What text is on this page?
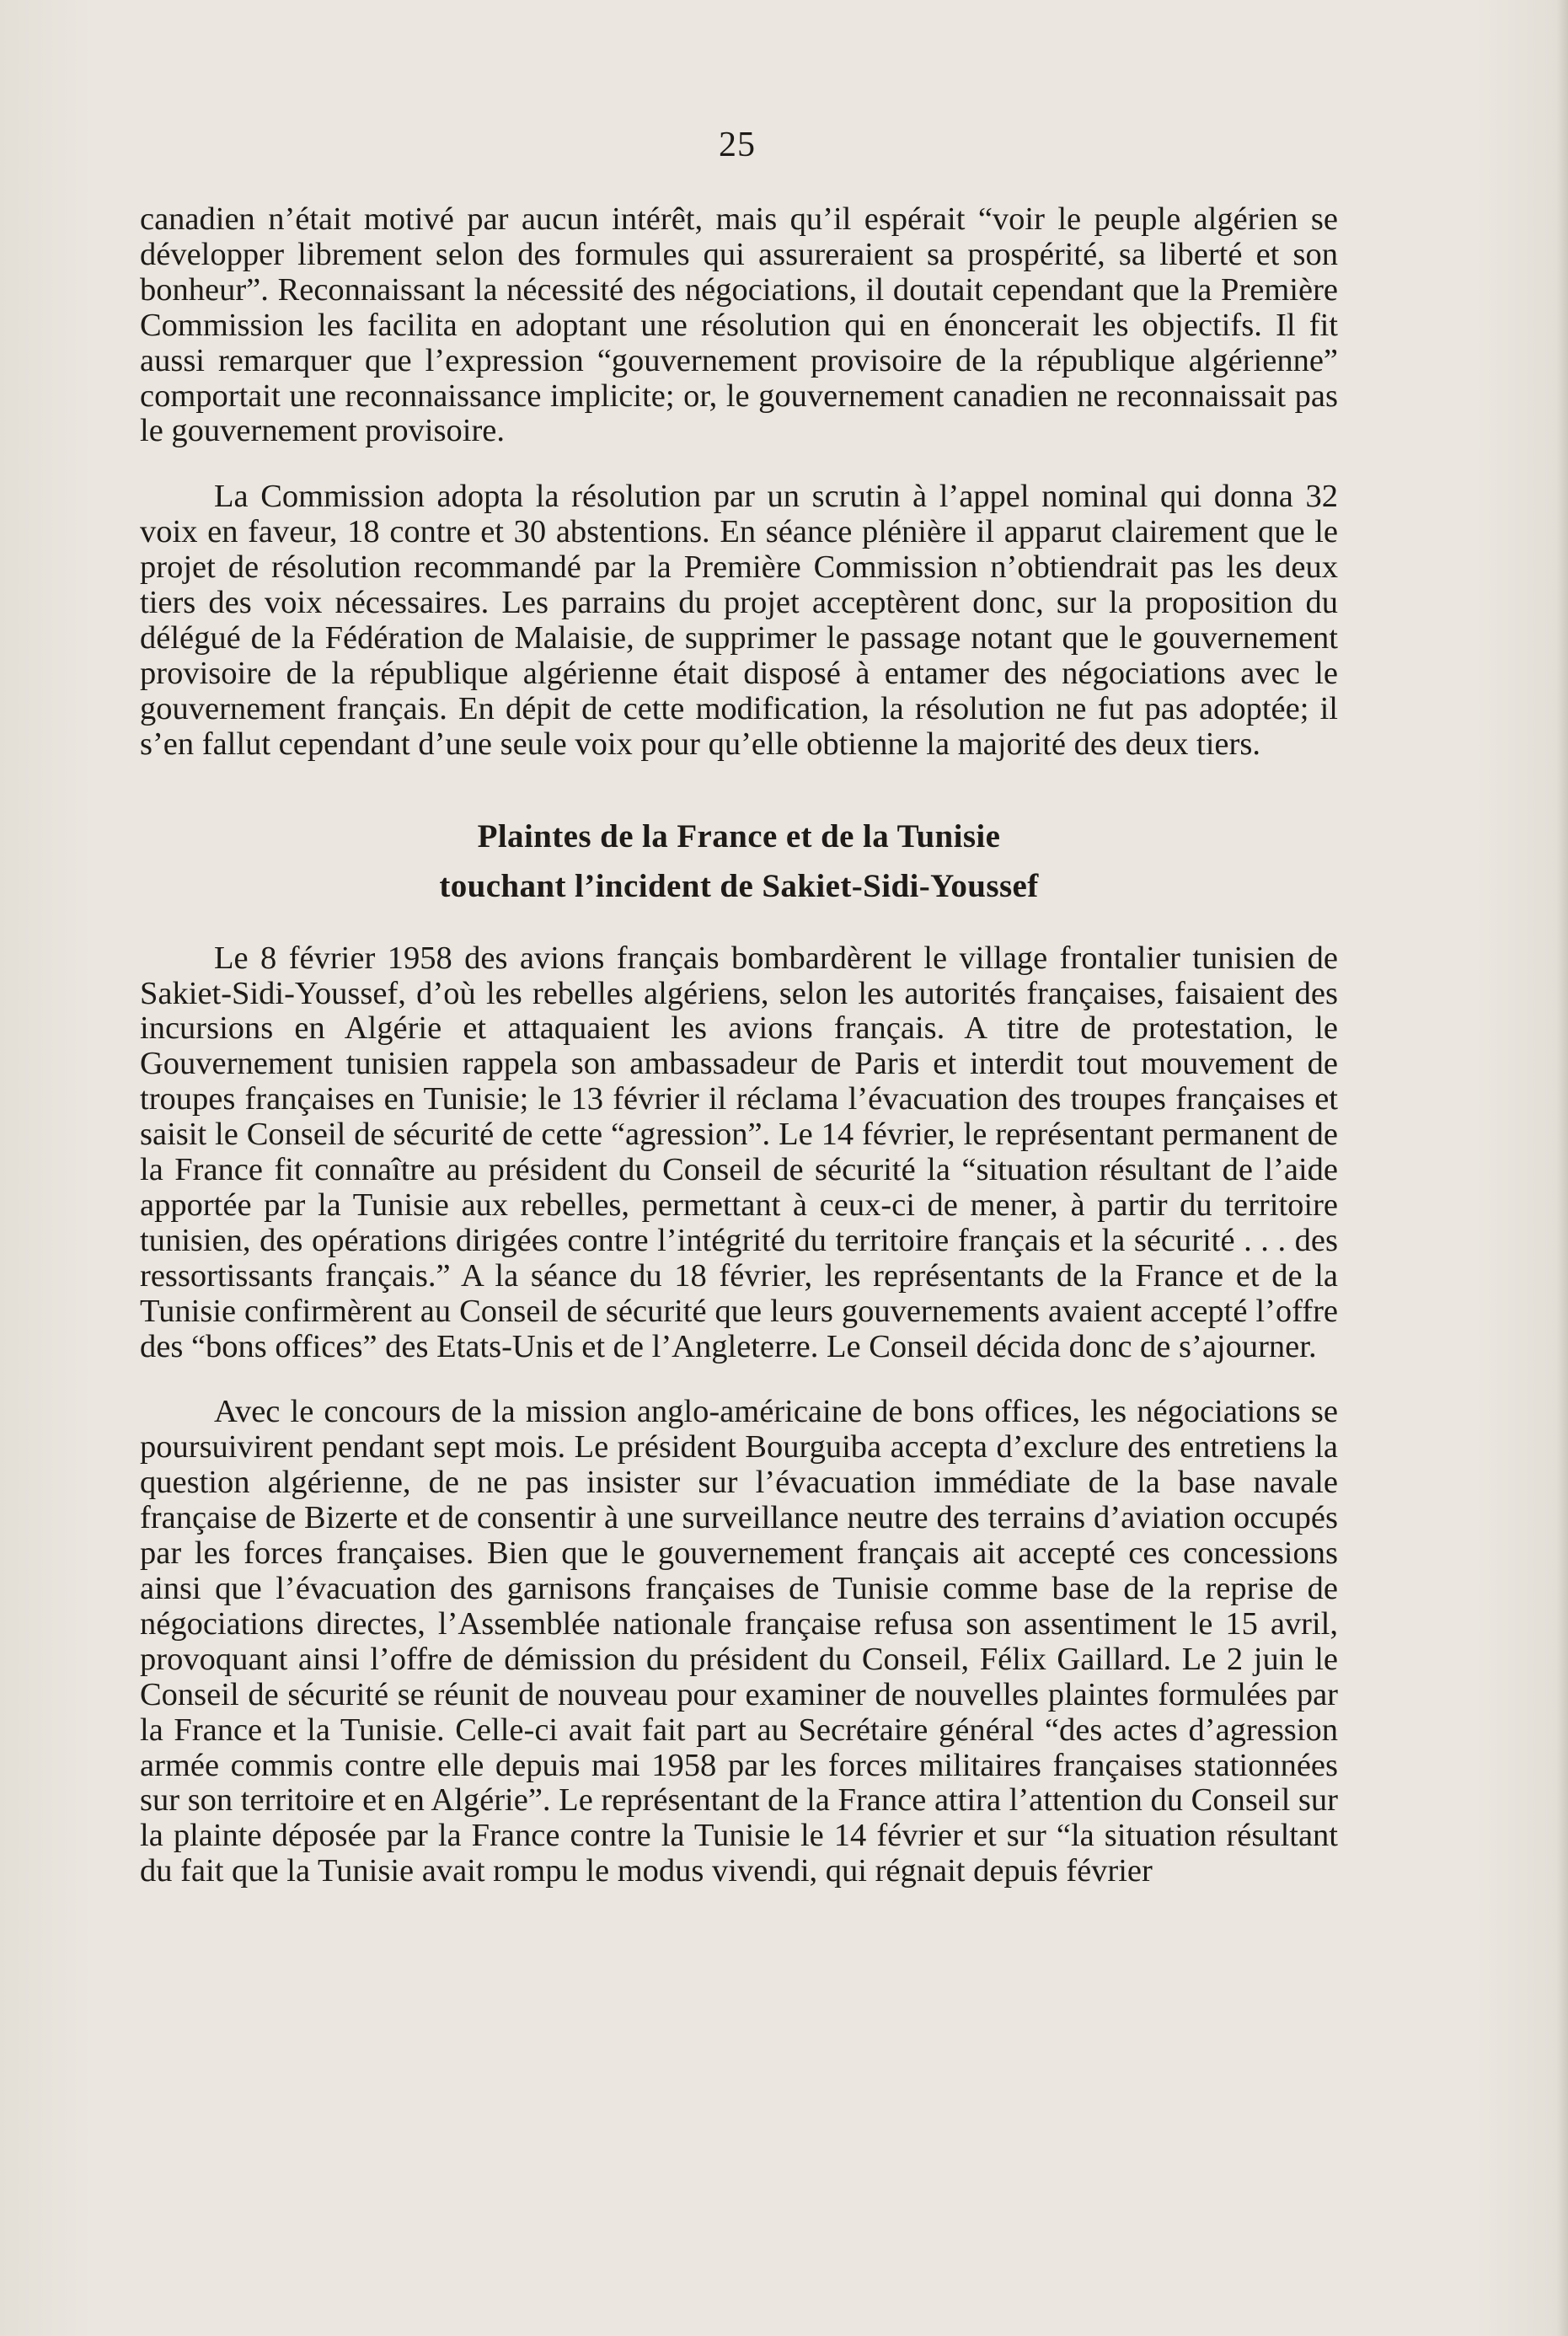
25

canadien n’était motivé par aucun intérêt, mais qu’il espérait “voir le peuple algérien se développer librement selon des formules qui assureraient sa prospérité, sa liberté et son bonheur”. Reconnaissant la nécessité des négociations, il doutait cependant que la Première Commission les facilita en adoptant une résolution qui en énoncerait les objectifs. Il fit aussi remarquer que l’expression “gouvernement provisoire de la république algérienne” comportait une reconnaissance implicite; or, le gouvernement canadien ne reconnaissait pas le gouvernement provisoire.

La Commission adopta la résolution par un scrutin à l’appel nominal qui donna 32 voix en faveur, 18 contre et 30 abstentions. En séance plénière il apparut clairement que le projet de résolution recommandé par la Première Commission n’obtiendrait pas les deux tiers des voix nécessaires. Les parrains du projet acceptèrent donc, sur la proposition du délégué de la Fédération de Malaisie, de supprimer le passage notant que le gouvernement provisoire de la république algérienne était disposé à entamer des négociations avec le gouvernement français. En dépit de cette modification, la résolution ne fut pas adoptée; il s’en fallut cependant d’une seule voix pour qu’elle obtienne la majorité des deux tiers.

Plaintes de la France et de la Tunisie
touchant l’incident de Sakiet-Sidi-Youssef

Le 8 février 1958 des avions français bombardèrent le village frontalier tunisien de Sakiet-Sidi-Youssef, d’où les rebelles algériens, selon les autorités françaises, faisaient des incursions en Algérie et attaquaient les avions français. A titre de protestation, le Gouvernement tunisien rappela son ambassadeur de Paris et interdit tout mouvement de troupes françaises en Tunisie; le 13 février il réclama l’évacuation des troupes françaises et saisit le Conseil de sécurité de cette “agression”. Le 14 février, le représentant permanent de la France fit connaître au président du Conseil de sécurité la “situation résultant de l’aide apportée par la Tunisie aux rebelles, permettant à ceux-ci de mener, à partir du territoire tunisien, des opérations dirigées contre l’intégrité du territoire français et la sécurité . . . des ressortissants français.” A la séance du 18 février, les représentants de la France et de la Tunisie confirmèrent au Conseil de sécurité que leurs gouvernements avaient accepté l’offre des “bons offices” des Etats-Unis et de l’Angleterre. Le Conseil décida donc de s’ajourner.

Avec le concours de la mission anglo-américaine de bons offices, les négociations se poursuivirent pendant sept mois. Le président Bourguiba accepta d’exclure des entretiens la question algérienne, de ne pas insister sur l’évacuation immédiate de la base navale française de Bizerte et de consentir à une surveillance neutre des terrains d’aviation occupés par les forces françaises. Bien que le gouvernement français ait accepté ces concessions ainsi que l’évacuation des garnisons françaises de Tunisie comme base de la reprise de négociations directes, l’Assemblée nationale française refusa son assentiment le 15 avril, provoquant ainsi l’offre de démission du président du Conseil, Félix Gaillard. Le 2 juin le Conseil de sécurité se réunit de nouveau pour examiner de nouvelles plaintes formulées par la France et la Tunisie. Celle-ci avait fait part au Secrétaire général “des actes d’agression armée commis contre elle depuis mai 1958 par les forces militaires françaises stationnées sur son territoire et en Algérie”. Le représentant de la France attira l’attention du Conseil sur la plainte déposée par la France contre la Tunisie le 14 février et sur “la situation résultant du fait que la Tunisie avait rompu le modus vivendi, qui régnait depuis février
